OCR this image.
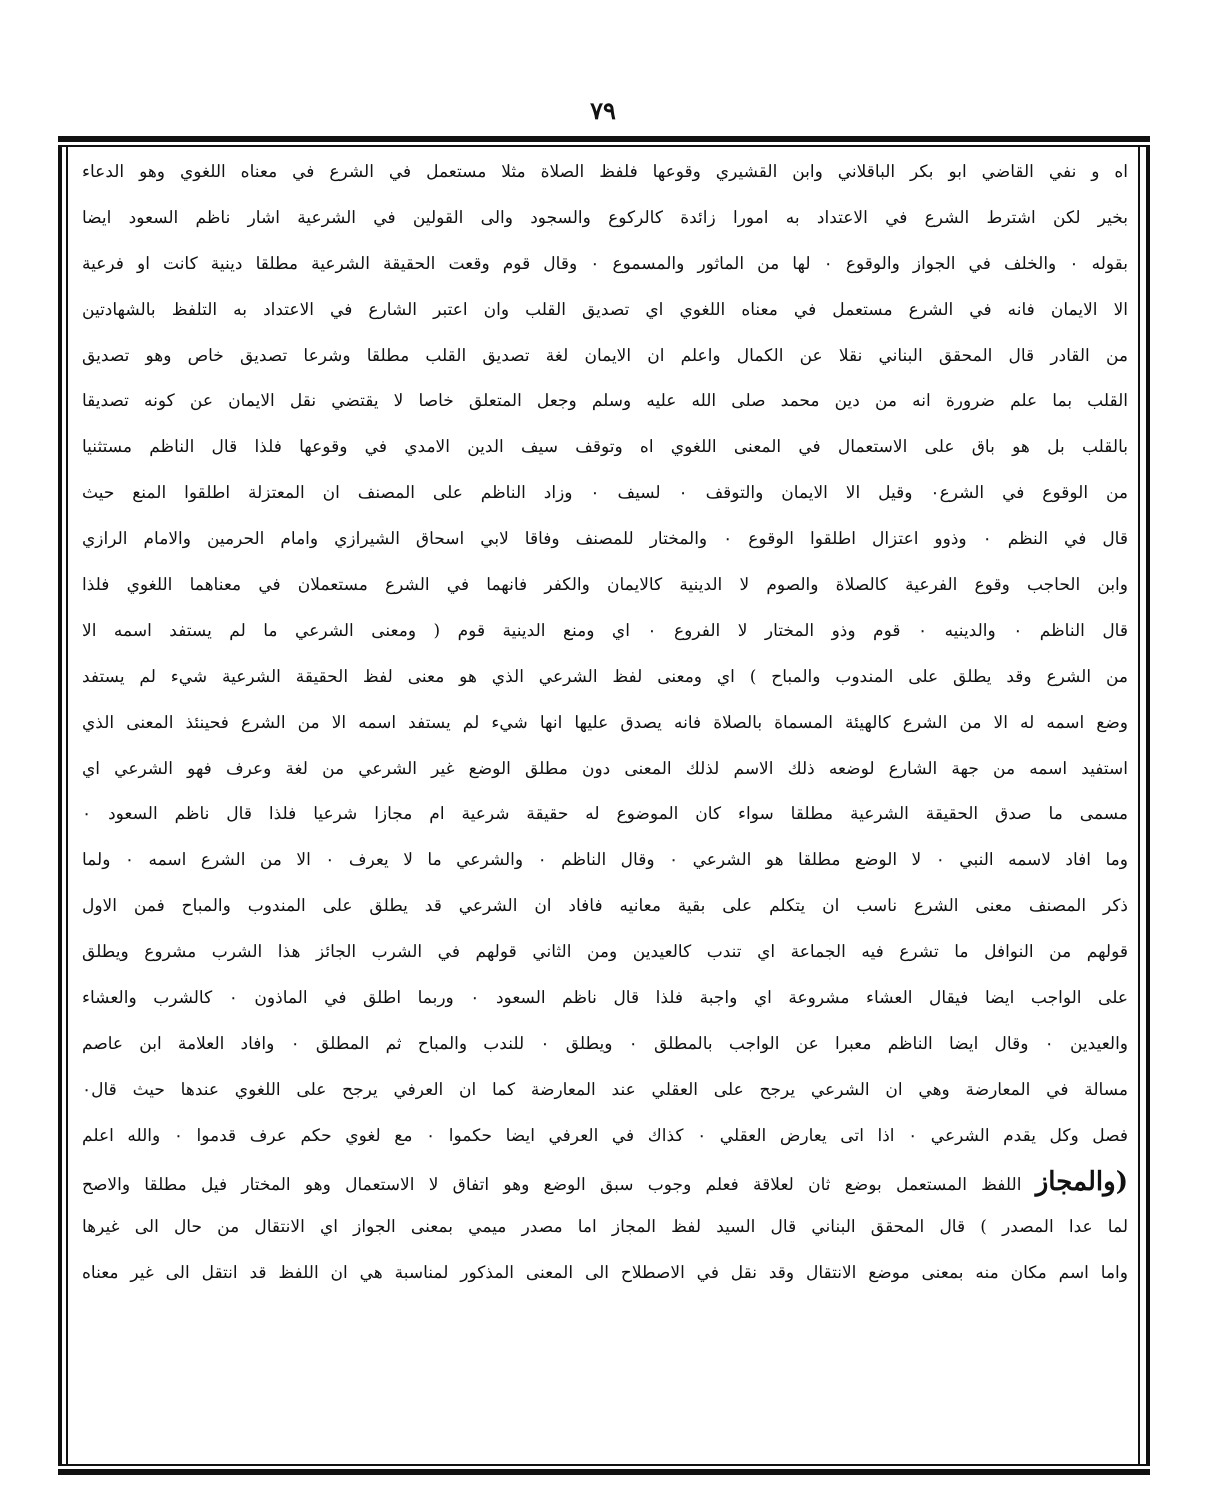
٧٩
اه و نفي القاضي ابو بكر الباقلاني وابن القشيري وقوعها فلفظ الصلاة مثلا مستعمل في الشرع في معناه اللغوي وهو الدعاء
بخير لكن اشترط الشرع في الاعتداد به امورا زائدة كالركوع والسجود والى القولين في الشرعية اشار ناظم السعود ايضا
بقوله ٠ والخلف في الجواز والوقوع ٠ لها من الماثور والمسموع ٠ وقال قوم وقعت الحقيقة الشرعية مطلقا دينية كانت او فرعية
الا الايمان فانه في الشرع مستعمل في معناه اللغوي اي تصديق القلب وان اعتبر الشارع في الاعتداد به التلفظ بالشهادتين
من القادر قال المحقق البناني نقلا عن الكمال واعلم ان الايمان لغة تصديق القلب مطلقا وشرعا تصديق خاص وهو تصديق
القلب بما علم ضرورة انه من دين محمد صلى الله عليه وسلم وجعل المتعلق خاصا لا يقتضي نقل الايمان عن كونه تصديقا
بالقلب بل هو باق على الاستعمال في المعنى اللغوي اه وتوقف سيف الدين الامدي في وقوعها فلذا قال الناظم مستثنيا
من الوقوع في الشرع٠ وقيل الا الايمان والتوقف ٠ لسيف ٠ وزاد الناظم على المصنف ان المعتزلة اطلقوا المنع حيث
قال في النظم ٠ وذوو اعتزال اطلقوا الوقوع ٠ والمختار للمصنف وفاقا لابي اسحاق الشيرازي وامام الحرمين والامام الرازي
وابن الحاجب وقوع الفرعية كالصلاة والصوم لا الدينية كالايمان والكفر فانهما في الشرع مستعملان في معناهما اللغوي فلذا
قال الناظم ٠ والدينيه ٠ قوم وذو المختار لا الفروع ٠ اي ومنع الدينية قوم ( ومعنى الشرعي ما لم يستفد اسمه الا
من الشرع وقد يطلق على المندوب والمباح ) اي ومعنى لفظ الشرعي الذي هو معنى لفظ الحقيقة الشرعية شيء لم يستفد
وضع اسمه له الا من الشرع كالهيئة المسماة بالصلاة فانه يصدق عليها انها شيء لم يستفد اسمه الا من الشرع فحينئذ المعنى الذي
استفيد اسمه من جهة الشارع لوضعه ذلك الاسم لذلك المعنى دون مطلق الوضع غير الشرعي من لغة وعرف فهو الشرعي اي
مسمى ما صدق الحقيقة الشرعية مطلقا سواء كان الموضوع له حقيقة شرعية ام مجازا شرعيا فلذا قال ناظم السعود ٠
وما افاد لاسمه النبي ٠ لا الوضع مطلقا هو الشرعي ٠ وقال الناظم ٠ والشرعي ما لا يعرف ٠ الا من الشرع اسمه ٠ ولما
ذكر المصنف معنى الشرع ناسب ان يتكلم على بقية معانيه فافاد ان الشرعي قد يطلق على المندوب والمباح فمن الاول
قولهم من النوافل ما تشرع فيه الجماعة اي تندب كالعيدين ومن الثاني قولهم في الشرب الجائز هذا الشرب مشروع ويطلق
على الواجب ايضا فيقال العشاء مشروعة اي واجبة فلذا قال ناظم السعود ٠ وربما اطلق في الماذون ٠ كالشرب والعشاء
والعيدين ٠ وقال ايضا الناظم معبرا عن الواجب بالمطلق ٠ ويطلق ٠ للندب والمباح ثم المطلق ٠ وافاد العلامة ابن عاصم
مسالة في المعارضة وهي ان الشرعي يرجح على العقلي عند المعارضة كما ان العرفي يرجح على اللغوي عندها حيث قال٠
فصل وكل يقدم الشرعي ٠ اذا اتى يعارض العقلي ٠ كذاك في العرفي ايضا حكموا ٠ مع لغوي حكم عرف قدموا ٠ والله اعلم
(والمجاز اللفظ المستعمل بوضع ثان لعلاقة فعلم وجوب سبق الوضع وهو اتفاق لا الاستعمال وهو المختار فيل مطلقا والاصح
لما عدا المصدر ) قال المحقق البناني قال السيد لفظ المجاز اما مصدر ميمي بمعنى الجواز اي الانتقال من حال الى غيرها
واما اسم مكان منه بمعنى موضع الانتقال وقد نقل في الاصطلاح الى المعنى المذكور لمناسبة هي ان اللفظ قد انتقل الى غير معناه
